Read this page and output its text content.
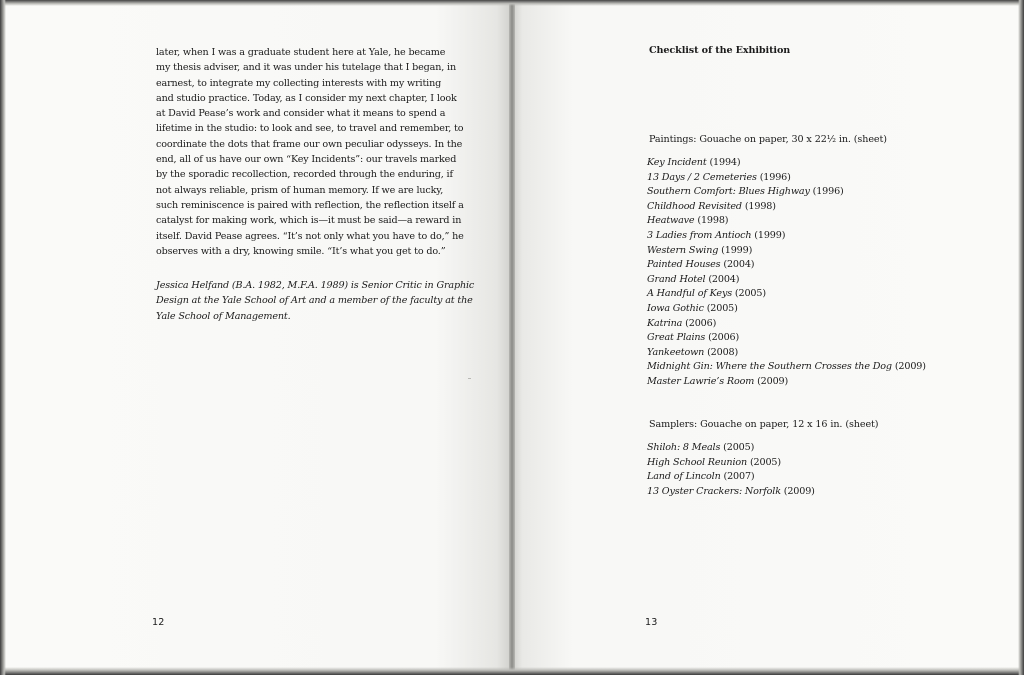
later, when I was a graduate student here at Yale, he became
my thesis adviser, and it was under his tutelage that I began, in
earnest, to integrate my collecting interests with my writing
and studio practice. Today, as I consider my next chapter, I look
at David Pease’s work and consider what it means to spend a
lifetime in the studio: to look and see, to travel and remember, to
coordinate the dots that frame our own peculiar odysseys. In the
end, all of us have our own “Key Incidents”: our travels marked
by the sporadic recollection, recorded through the enduring, if
not always reliable, prism of human memory. If we are lucky,
such reminiscence is paired with reflection, the reflection itself a
catalyst for making work, which is—it must be said—a reward in
itself. David Pease agrees. “It’s not only what you have to do,” he
observes with a dry, knowing smile. “It’s what you get to do.”
Jessica Helfand (B.A. 1982, M.F.A. 1989) is Senior Critic in Graphic
Design at the Yale School of Art and a member of the faculty at the
Yale School of Management.
12
Checklist of the Exhibition
Paintings: Gouache on paper, 30 x 22½ in. (sheet)
Key Incident (1994)
13 Days / 2 Cemeteries (1996)
Southern Comfort: Blues Highway (1996)
Childhood Revisited (1998)
Heatwave (1998)
3 Ladies from Antioch (1999)
Western Swing (1999)
Painted Houses (2004)
Grand Hotel (2004)
A Handful of Keys (2005)
Iowa Gothic (2005)
Katrina (2006)
Great Plains (2006)
Yankeetown (2008)
Midnight Gin: Where the Southern Crosses the Dog (2009)
Master Lawrie’s Room (2009)
Samplers: Gouache on paper, 12 x 16 in. (sheet)
Shiloh: 8 Meals (2005)
High School Reunion (2005)
Land of Lincoln (2007)
13 Oyster Crackers: Norfolk (2009)
13
